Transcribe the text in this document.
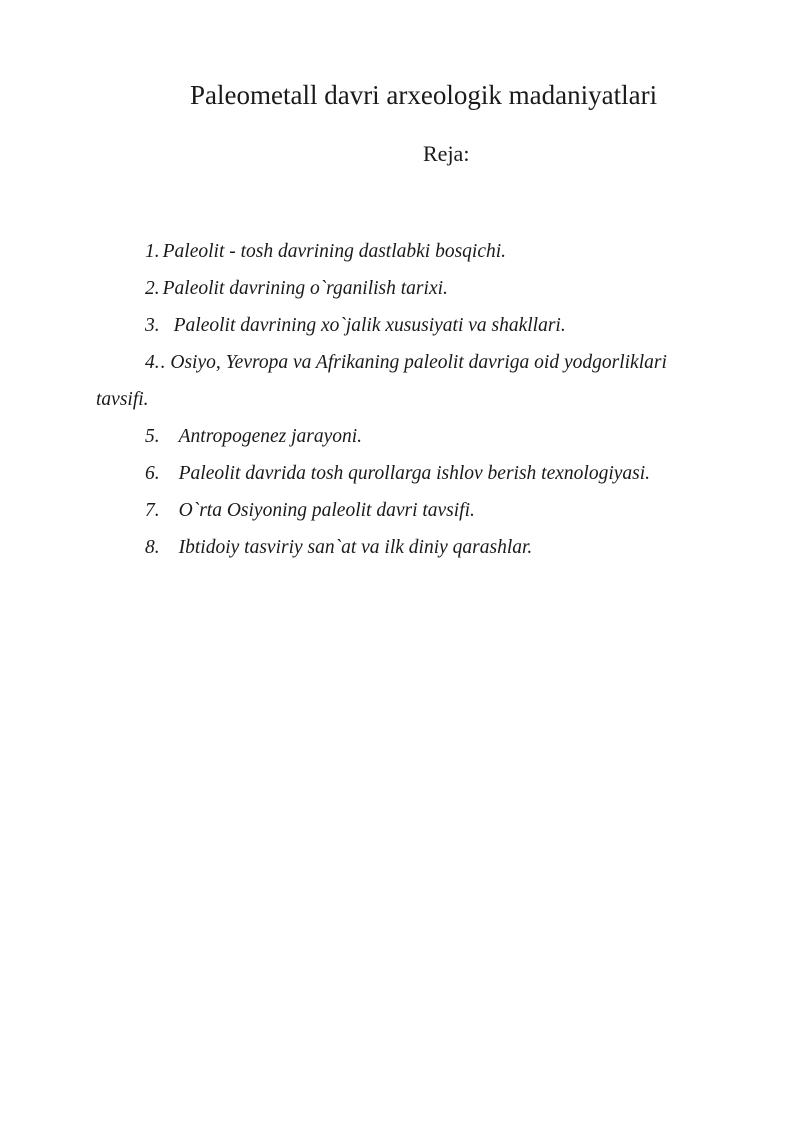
Paleometall davri arxeologik madaniyatlari
Reja:
1. Paleolit - tosh davrining dastlabki bosqichi.
2. Paleolit davrining o`rganilish tarixi.
3. Paleolit davrining xo`jalik xususiyati va shakllari.
4.. Osiyo, Yevropa va Afrikaning paleolit davriga oid yodgorliklari
tavsifi.
5. Antropogenez jarayoni.
6. Paleolit davrida tosh qurollarga ishlov berish texnologiyasi.
7. O`rta Osiyoning paleolit davri tavsifi.
8. Ibtidoiy tasviriy san`at va ilk diniy qarashlar.
